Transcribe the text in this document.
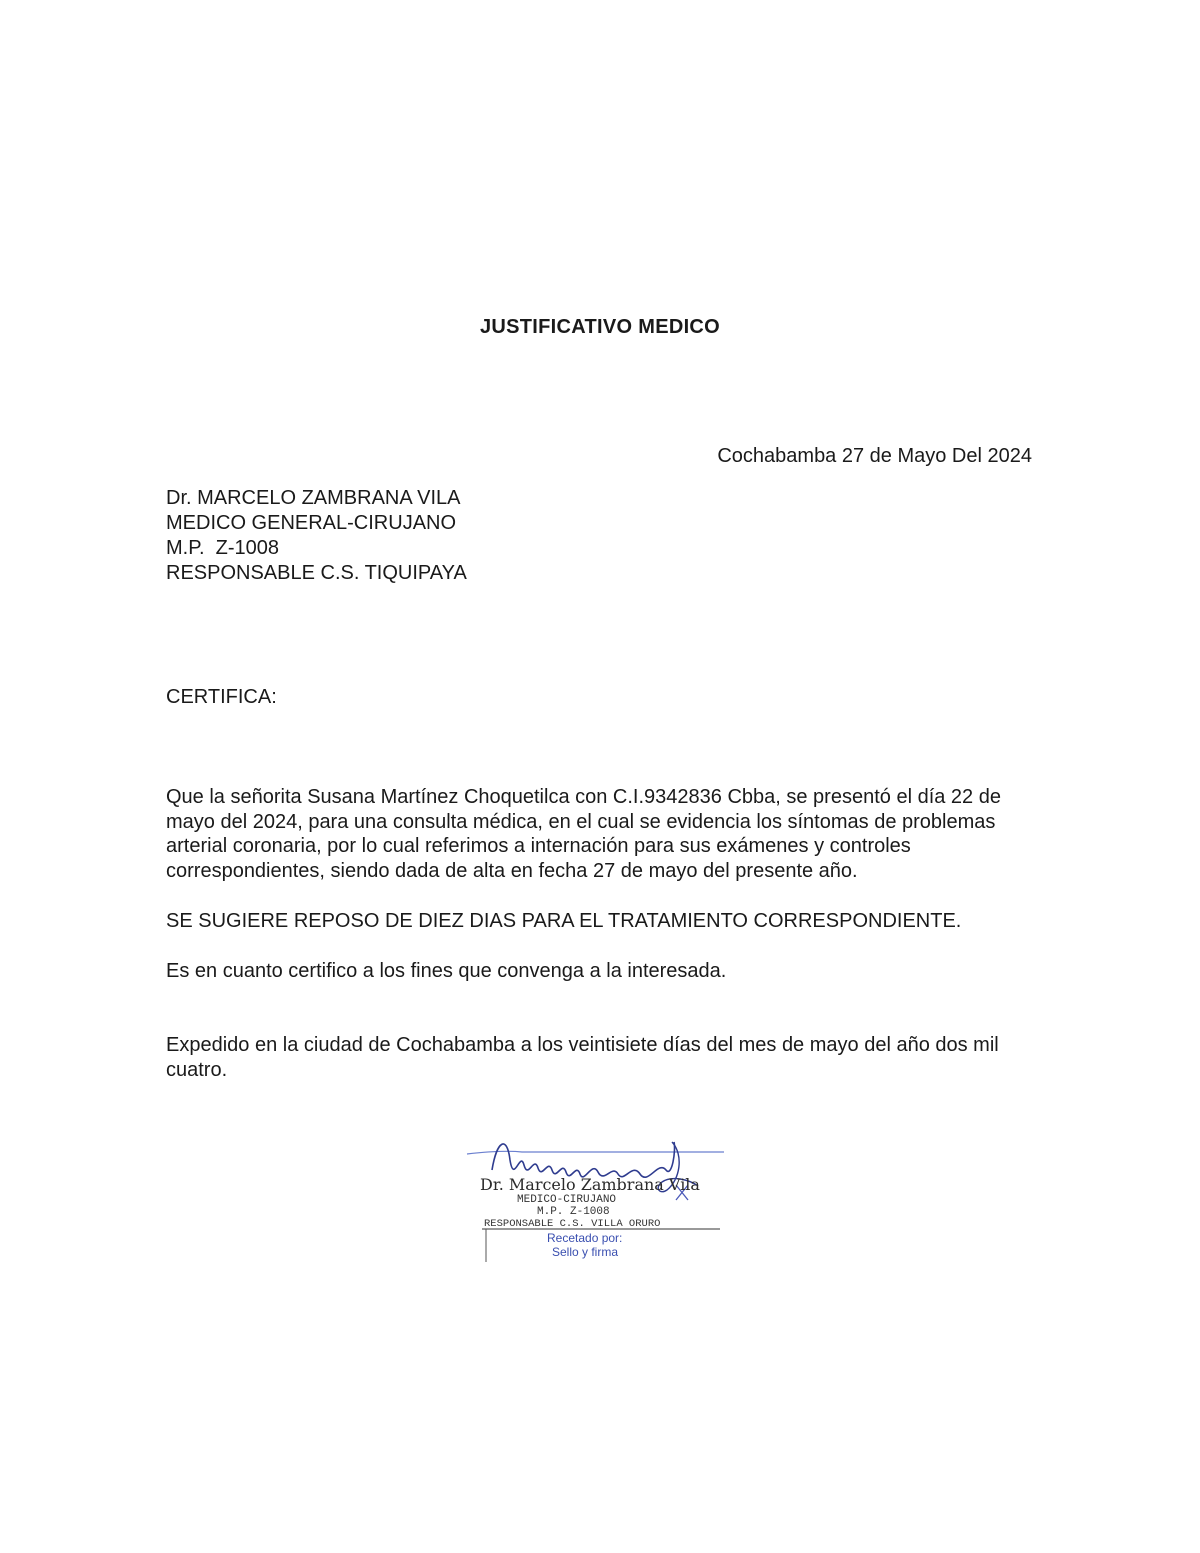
JUSTIFICATIVO MEDICO
Cochabamba 27 de Mayo Del 2024
Dr. MARCELO ZAMBRANA VILA
MEDICO GENERAL-CIRUJANO
M.P.  Z-1008
RESPONSABLE C.S. TIQUIPAYA
CERTIFICA:
Que la señorita Susana Martínez Choquetilca con C.I.9342836 Cbba, se presentó el día 22 de mayo del 2024, para una consulta médica, en el cual se evidencia los síntomas de problemas arterial coronaria, por lo cual referimos a internación para sus exámenes y controles correspondientes, siendo dada de alta en fecha 27 de mayo del presente año.
SE SUGIERE REPOSO DE DIEZ DIAS PARA EL TRATAMIENTO CORRESPONDIENTE.
Es en cuanto certifico a los fines que convenga a la interesada.
Expedido en la ciudad de Cochabamba a los veintisiete días del mes de mayo del año dos mil cuatro.
Dr. Marcelo Zambrana Vila
MEDICO-CIRUJANO
M.P. Z-1008
RESPONSABLE C.S. VILLA ORURO
Recetado por:
Sello y firma
